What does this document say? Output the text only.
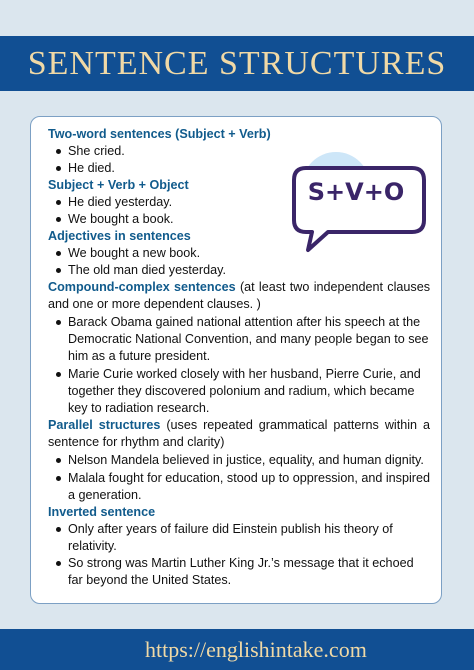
SENTENCE STRUCTURES
S+V+O
Two-word sentences (Subject + Verb)
She cried.
He died.
Subject + Verb + Object
He died yesterday.
We bought a book.
Adjectives in sentences
We bought a new book.
The old man died yesterday.
Compound-complex sentences (at least two independent clauses and one or more dependent clauses. )
Barack Obama gained national attention after his speech at the Democratic National Convention, and many people began to see him as a future president.
Marie Curie worked closely with her husband, Pierre Curie, and together they discovered polonium and radium, which became key to radiation research.
Parallel structures (uses repeated grammatical patterns within a sentence for rhythm and clarity)
Nelson Mandela believed in justice, equality, and human dignity.
Malala fought for education, stood up to oppression, and inspired a generation.
Inverted sentence
Only after years of failure did Einstein publish his theory of relativity.
So strong was Martin Luther King Jr.’s message that it echoed far beyond the United States.
https://englishintake.com
